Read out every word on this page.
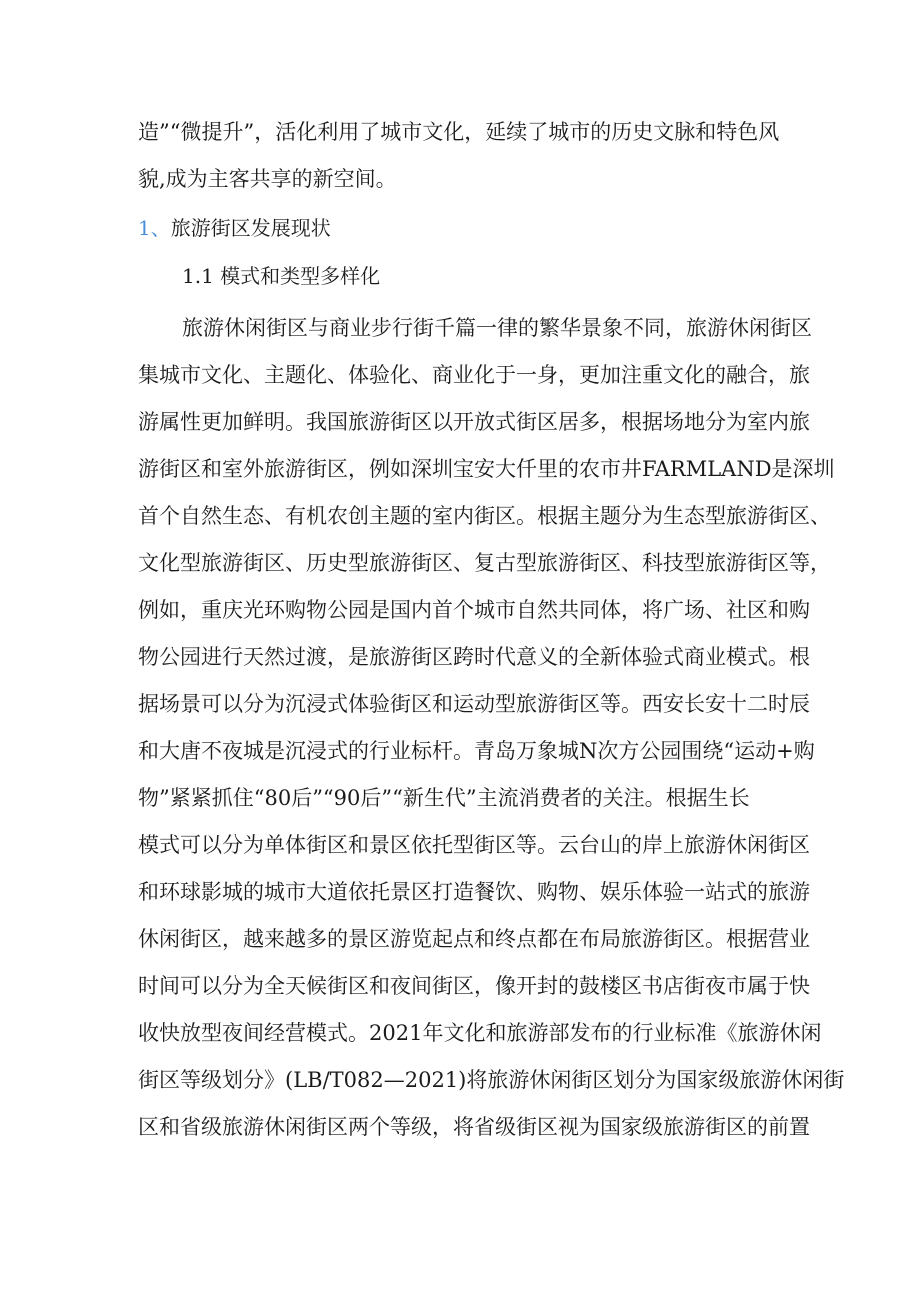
造”“微提升”，活化利用了城市文化，延续了城市的历史文脉和特色风
貌,成为主客共享的新空间。
1、旅游街区发展现状
1.1 模式和类型多样化
旅游休闲街区与商业步行街千篇一律的繁华景象不同，旅游休闲街区
集城市文化、主题化、体验化、商业化于一身，更加注重文化的融合，旅
游属性更加鲜明。我国旅游街区以开放式街区居多，根据场地分为室内旅
游街区和室外旅游街区，例如深圳宝安大仟里的农市井FARMLAND是深圳
首个自然生态、有机农创主题的室内街区。根据主题分为生态型旅游街区、
文化型旅游街区、历史型旅游街区、复古型旅游街区、科技型旅游街区等，
例如，重庆光环购物公园是国内首个城市自然共同体，将广场、社区和购
物公园进行天然过渡，是旅游街区跨时代意义的全新体验式商业模式。根
据场景可以分为沉浸式体验街区和运动型旅游街区等。西安长安十二时辰
和大唐不夜城是沉浸式的行业标杆。青岛万象城N次方公园围绕“运动+购
物”紧紧抓住“80后”“90后”“新生代”主流消费者的关注。根据生长
模式可以分为单体街区和景区依托型街区等。云台山的岸上旅游休闲街区
和环球影城的城市大道依托景区打造餐饮、购物、娱乐体验一站式的旅游
休闲街区，越来越多的景区游览起点和终点都在布局旅游街区。根据营业
时间可以分为全天候街区和夜间街区，像开封的鼓楼区书店街夜市属于快
收快放型夜间经营模式。2021年文化和旅游部发布的行业标准《旅游休闲
街区等级划分》(LB/T082—2021)将旅游休闲街区划分为国家级旅游休闲街
区和省级旅游休闲街区两个等级，将省级街区视为国家级旅游街区的前置
